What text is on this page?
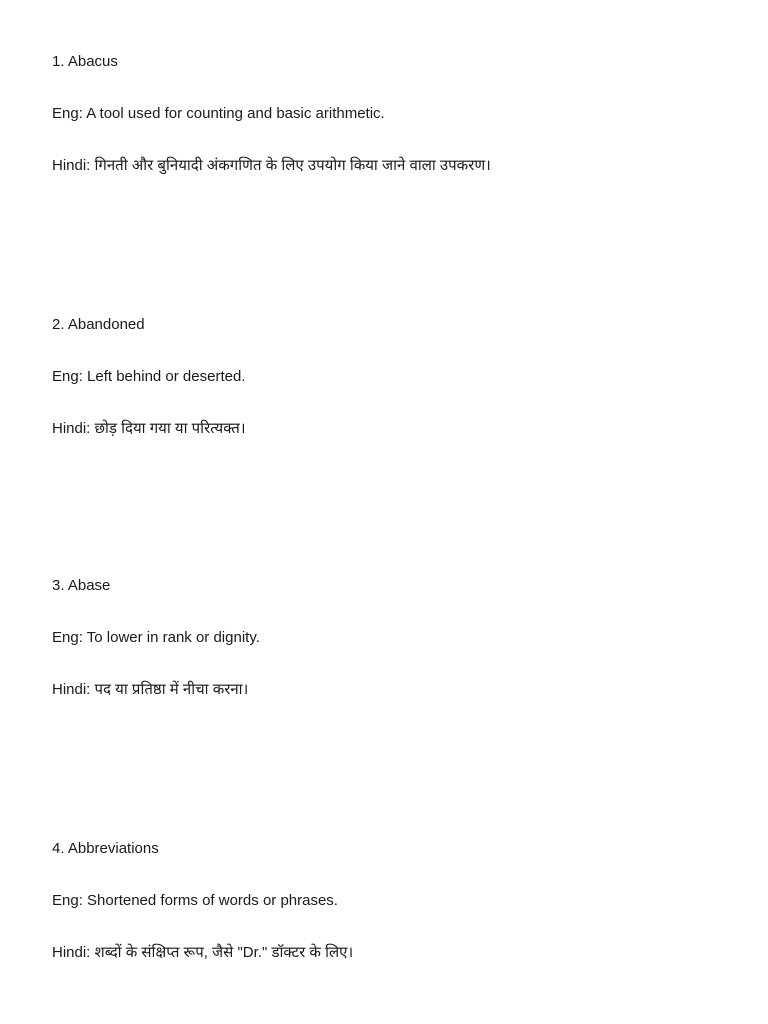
1. Abacus

Eng: A tool used for counting and basic arithmetic.

Hindi: गिनती और बुनियादी अंकगणित के लिए उपयोग किया जाने वाला उपकरण।

2. Abandoned

Eng: Left behind or deserted.

Hindi: छोड़ दिया गया या परित्यक्त।

3. Abase

Eng: To lower in rank or dignity.

Hindi: पद या प्रतिष्ठा में नीचा करना।

4. Abbreviations

Eng: Shortened forms of words or phrases.

Hindi: शब्दों के संक्षिप्त रूप, जैसे "Dr." डॉक्टर के लिए।
